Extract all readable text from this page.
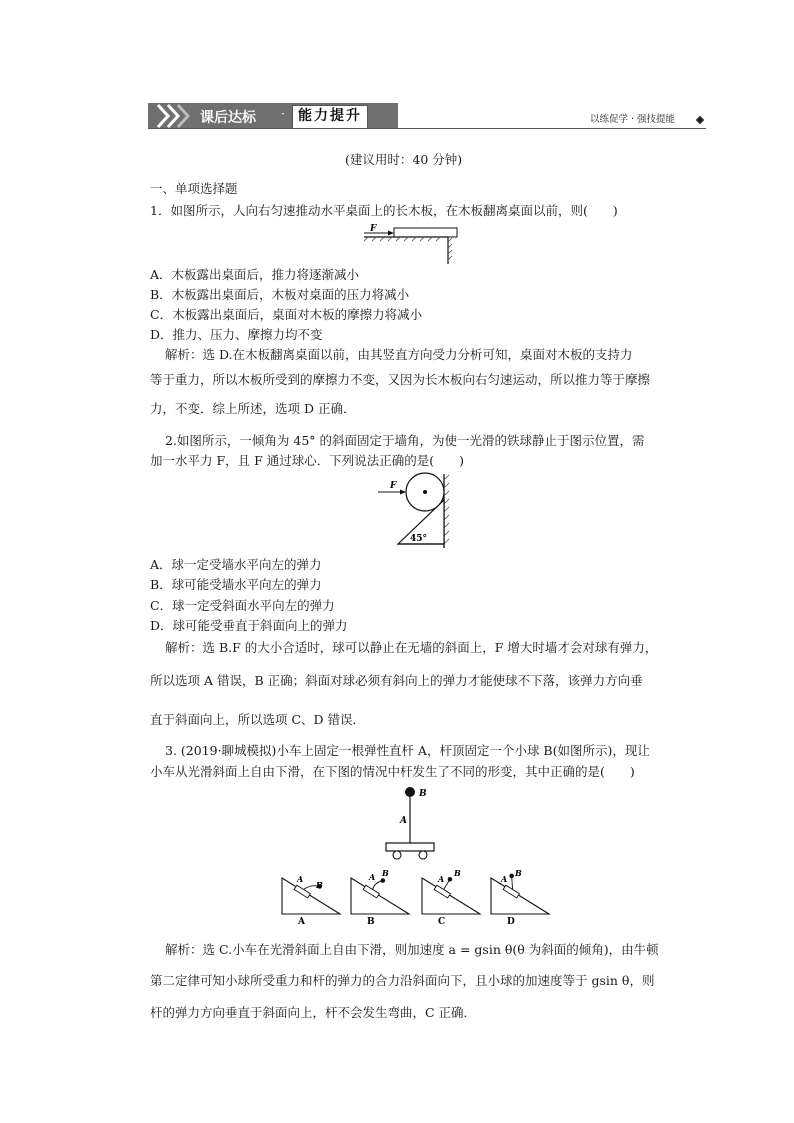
课后达标 · 能力提升	以练促学 · 强技提能
(建议用时：40 分钟)
一、单项选择题
1．如图所示，人向右匀速推动水平桌面上的长木板，在木板翻离桌面以前，则(　　)
F
A．木板露出桌面后，推力将逐渐减小
B．木板露出桌面后，木板对桌面的压力将减小
C．木板露出桌面后，桌面对木板的摩擦力将减小
D．推力、压力、摩擦力均不变
解析：选 D.在木板翻离桌面以前，由其竖直方向受力分析可知，桌面对木板的支持力
等于重力，所以木板所受到的摩擦力不变，又因为长木板向右匀速运动，所以推力等于摩擦
力，不变．综上所述，选项 D 正确．
2.如图所示，一倾角为 45° 的斜面固定于墙角，为使一光滑的铁球静止于图示位置，需
加一水平力 F，且 F 通过球心．下列说法正确的是(　　)
F
45°
A．球一定受墙水平向左的弹力
B．球可能受墙水平向左的弹力
C．球一定受斜面水平向左的弹力
D．球可能受垂直于斜面向上的弹力
解析：选 B.F 的大小合适时，球可以静止在无墙的斜面上，F 增大时墙才会对球有弹力，
所以选项 A 错误，B 正确；斜面对球必须有斜向上的弹力才能使球不下落，该弹力方向垂
直于斜面向上，所以选项 C、D 错误．
3. (2019·聊城模拟)小车上固定一根弹性直杆 A，杆顶固定一个小球 B(如图所示)，现让
小车从光滑斜面上自由下滑，在下图的情况中杆发生了不同的形变，其中正确的是(　　)
B
A
A
B
A
A B
B
A
B
C
A
B
D
解析：选 C.小车在光滑斜面上自由下滑，则加速度 a = gsin θ(θ 为斜面的倾角)，由牛顿
第二定律可知小球所受重力和杆的弹力的合力沿斜面向下，且小球的加速度等于 gsin θ，则
杆的弹力方向垂直于斜面向上，杆不会发生弯曲，C 正确．
